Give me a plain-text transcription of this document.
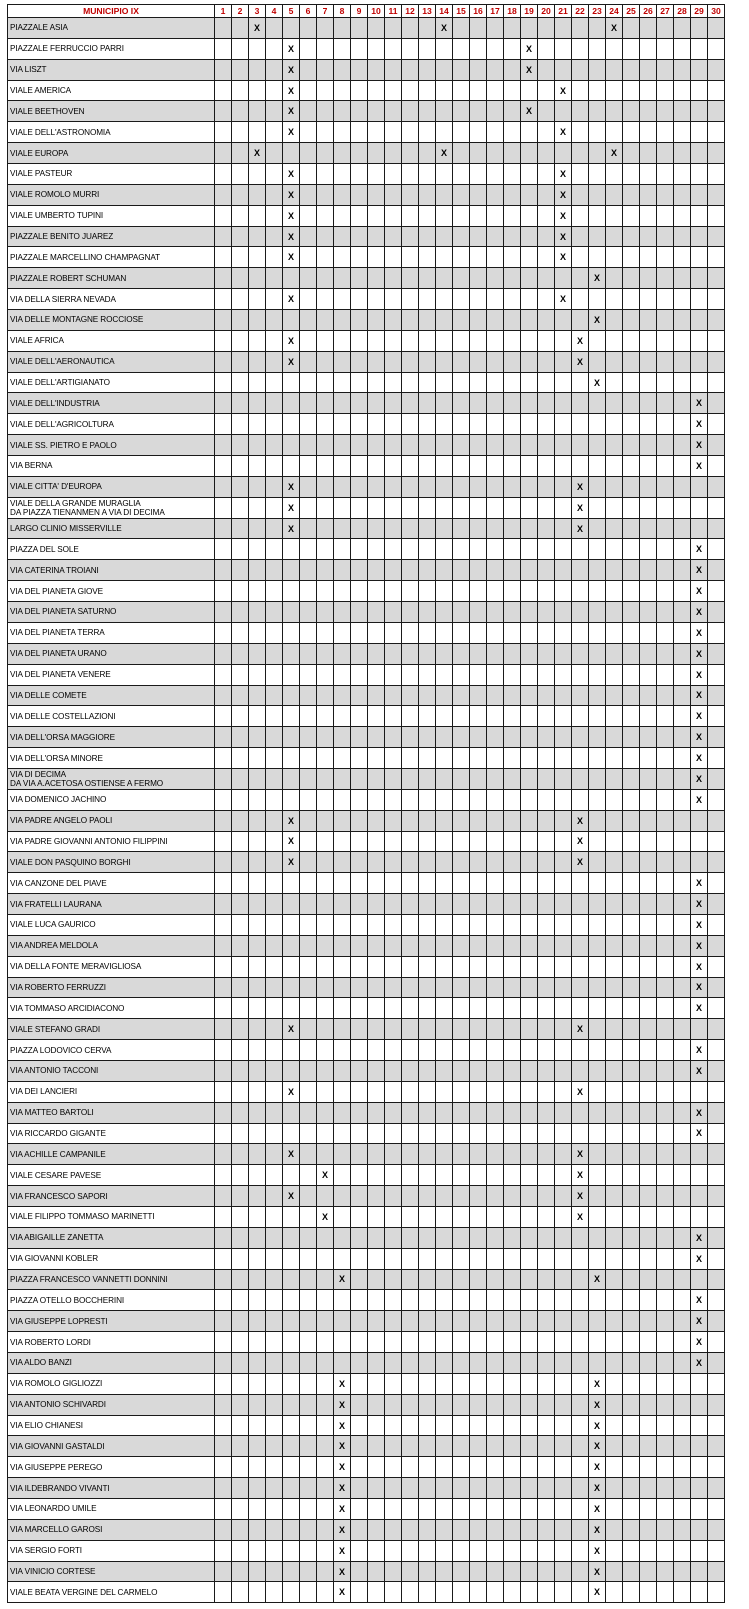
MUNICIPIO IX	1	2	3	4	5	6	7	8	9	10	11	12	13	14	15	16	17	18	19	20	21	22	23	24	25	26	27	28	29	30
PIAZZALE ASIA			X											X										X						
PIAZZALE FERRUCCIO PARRI					X														X											
VIA LISZT					X														X											
VIALE AMERICA					X																X									
VIALE BEETHOVEN					X														X											
VIALE DELL'ASTRONOMIA					X																X									
VIALE EUROPA			X											X										X						
VIALE PASTEUR					X																X									
VIALE ROMOLO MURRI					X																X									
VIALE UMBERTO TUPINI					X																X									
PIAZZALE BENITO JUAREZ					X																X									
PIAZZALE MARCELLINO CHAMPAGNAT					X																X									
PIAZZALE ROBERT SCHUMAN																							X							
VIA DELLA SIERRA NEVADA					X																X									
VIA DELLE MONTAGNE ROCCIOSE																							X							
VIALE AFRICA					X																	X								
VIALE DELL'AERONAUTICA					X																	X								
VIALE DELL'ARTIGIANATO																							X							
VIALE DELL'INDUSTRIA																													X	
VIALE DELL'AGRICOLTURA																													X	
VIALE SS. PIETRO E PAOLO																													X	
VIA BERNA																													X	
VIALE CITTA' D'EUROPA					X																	X								
VIALE DELLA GRANDE MURAGLIA
DA PIAZZA TIENANMEN A VIA DI DECIMA					X																	X								
LARGO CLINIO MISSERVILLE					X																	X								
PIAZZA DEL SOLE																													X	
VIA CATERINA TROIANI																													X	
VIA DEL PIANETA GIOVE																													X	
VIA DEL PIANETA SATURNO																													X	
VIA DEL PIANETA TERRA																													X	
VIA DEL PIANETA URANO																													X	
VIA DEL PIANETA VENERE																													X	
VIA DELLE COMETE																													X	
VIA DELLE COSTELLAZIONI																													X	
VIA DELL'ORSA MAGGIORE																													X	
VIA DELL'ORSA MINORE																													X	
VIA DI DECIMA
DA VIA A.ACETOSA OSTIENSE A FERMO																													X	
VIA DOMENICO JACHINO																													X	
VIA PADRE ANGELO PAOLI					X																	X								
VIA PADRE GIOVANNI ANTONIO FILIPPINI					X																	X								
VIALE DON PASQUINO BORGHI					X																	X								
VIA CANZONE DEL PIAVE																													X	
VIA FRATELLI LAURANA																													X	
VIALE LUCA GAURICO																													X	
VIA ANDREA MELDOLA																													X	
VIA DELLA FONTE MERAVIGLIOSA																													X	
VIA ROBERTO FERRUZZI																													X	
VIA TOMMASO ARCIDIACONO																													X	
VIALE STEFANO GRADI					X																	X								
PIAZZA LODOVICO CERVA																													X	
VIA ANTONIO TACCONI																													X	
VIA DEI LANCIERI					X																	X								
VIA MATTEO BARTOLI																													X	
VIA RICCARDO GIGANTE																													X	
VIA ACHILLE CAMPANILE					X																	X								
VIALE CESARE PAVESE							X															X								
VIA FRANCESCO SAPORI					X																	X								
VIALE FILIPPO TOMMASO MARINETTI							X															X								
VIA ABIGAILLE ZANETTA																													X	
VIA GIOVANNI KOBLER																													X	
PIAZZA FRANCESCO VANNETTI DONNINI								X															X							
PIAZZA OTELLO BOCCHERINI																													X	
VIA GIUSEPPE LOPRESTI																													X	
VIA ROBERTO LORDI																													X	
VIA ALDO BANZI																													X	
VIA ROMOLO GIGLIOZZI								X															X							
VIA ANTONIO SCHIVARDI								X															X							
VIA ELIO CHIANESI								X															X							
VIA GIOVANNI GASTALDI								X															X							
VIA GIUSEPPE PEREGO								X															X							
VIA ILDEBRANDO VIVANTI								X															X							
VIA LEONARDO UMILE								X															X							
VIA MARCELLO GAROSI								X															X							
VIA SERGIO FORTI								X															X							
VIA VINICIO CORTESE								X															X							
VIALE BEATA VERGINE DEL CARMELO								X															X							
